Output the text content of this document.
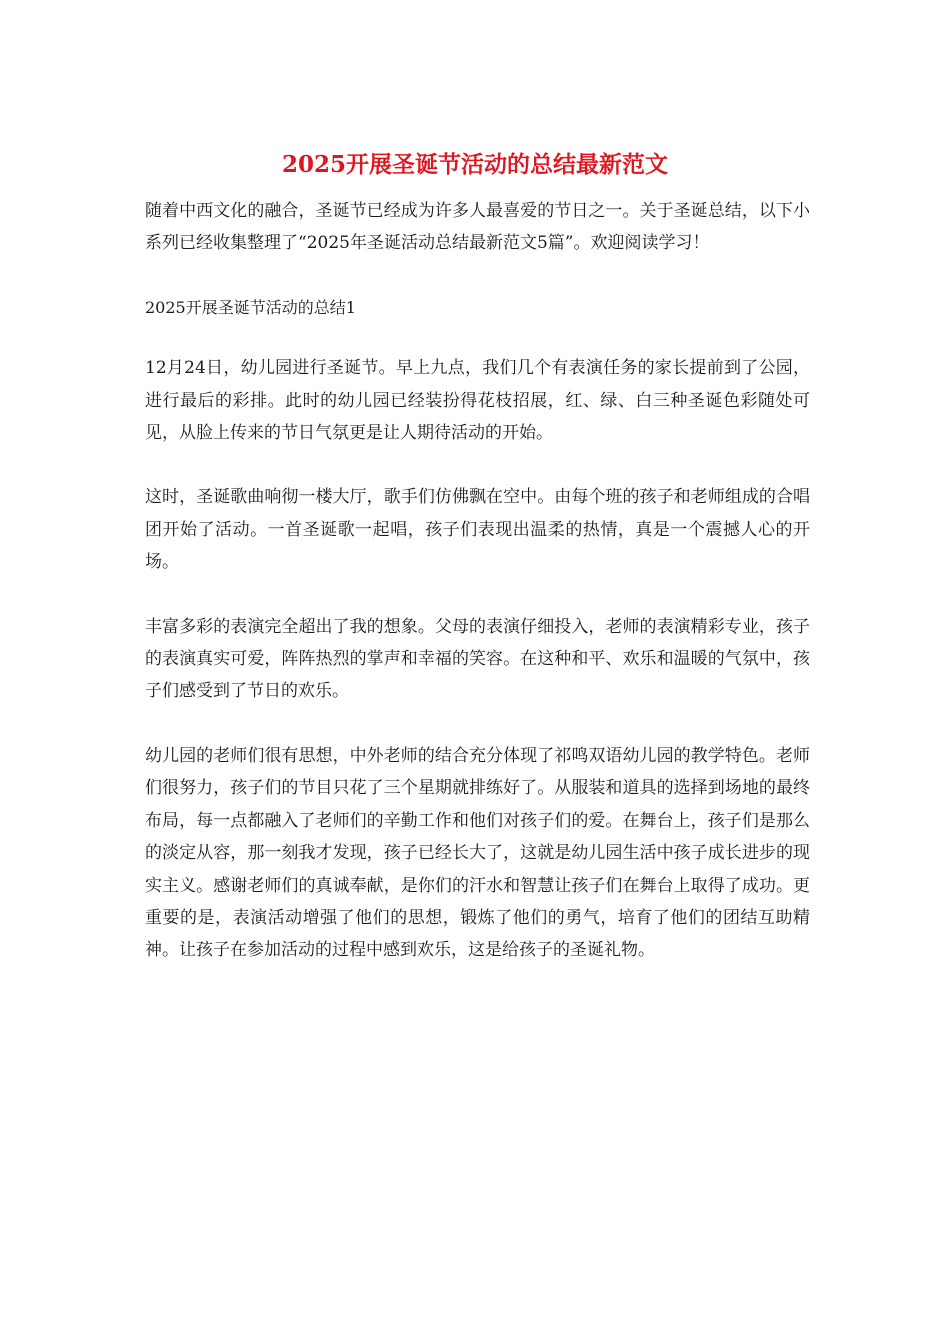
2025开展圣诞节活动的总结最新范文

随着中西文化的融合，圣诞节已经成为许多人最喜爱的节日之一。关于圣诞总结，以下小系列已经收集整理了“2025年圣诞活动总结最新范文5篇”。欢迎阅读学习！

2025开展圣诞节活动的总结1

12月24日，幼儿园进行圣诞节。早上九点，我们几个有表演任务的家长提前到了公园，进行最后的彩排。此时的幼儿园已经装扮得花枝招展，红、绿、白三种圣诞色彩随处可见，从脸上传来的节日气氛更是让人期待活动的开始。

这时，圣诞歌曲响彻一楼大厅，歌手们仿佛飘在空中。由每个班的孩子和老师组成的合唱团开始了活动。一首圣诞歌一起唱，孩子们表现出温柔的热情，真是一个震撼人心的开场。

丰富多彩的表演完全超出了我的想象。父母的表演仔细投入，老师的表演精彩专业，孩子的表演真实可爱，阵阵热烈的掌声和幸福的笑容。在这种和平、欢乐和温暖的气氛中，孩子们感受到了节日的欢乐。

幼儿园的老师们很有思想，中外老师的结合充分体现了祁鸣双语幼儿园的教学特色。老师们很努力，孩子们的节目只花了三个星期就排练好了。从服装和道具的选择到场地的最终布局，每一点都融入了老师们的辛勤工作和他们对孩子们的爱。在舞台上，孩子们是那么的淡定从容，那一刻我才发现，孩子已经长大了，这就是幼儿园生活中孩子成长进步的现实主义。感谢老师们的真诚奉献，是你们的汗水和智慧让孩子们在舞台上取得了成功。更重要的是，表演活动增强了他们的思想，锻炼了他们的勇气，培育了他们的团结互助精神。让孩子在参加活动的过程中感到欢乐，这是给孩子的圣诞礼物。
